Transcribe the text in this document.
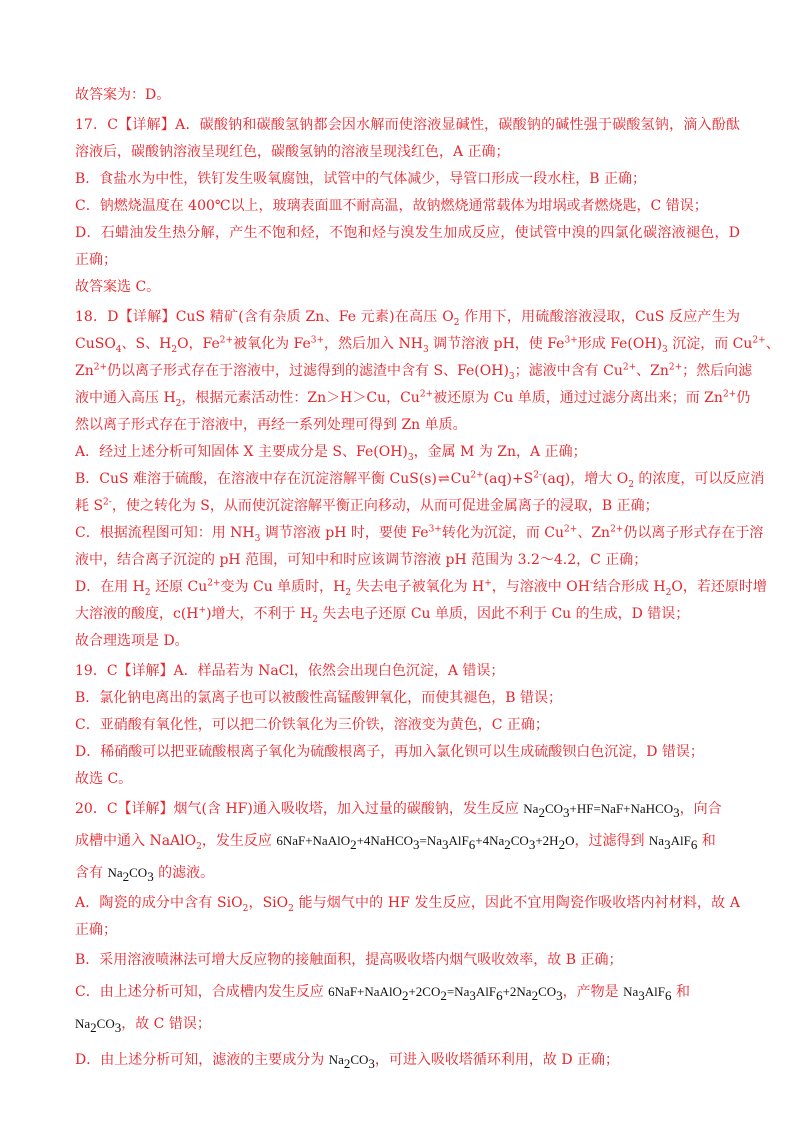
故答案为：D。
17．C【详解】A．碳酸钠和碳酸氢钠都会因水解而使溶液显碱性，碳酸钠的碱性强于碳酸氢钠，滴入酚酞
溶液后，碳酸钠溶液呈现红色，碳酸氢钠的溶液呈现浅红色，A 正确；
B．食盐水为中性，铁钉发生吸氧腐蚀，试管中的气体减少，导管口形成一段水柱，B 正确；
C．钠燃烧温度在 400℃以上，玻璃表面皿不耐高温，故钠燃烧通常载体为坩埚或者燃烧匙，C 错误；
D．石蜡油发生热分解，产生不饱和烃，不饱和烃与溴发生加成反应，使试管中溴的四氯化碳溶液褪色，D
正确；
故答案选 C。
18．D【详解】CuS 精矿(含有杂质 Zn、Fe 元素)在高压 $O_2$ 作用下，用硫酸溶液浸取，CuS 反应产生为
CuSO$_4$、S、$H_2O$，$Fe^{2+}$被氧化为 $Fe^{3+}$，然后加入 $NH_3$ 调节溶液 pH，使 $Fe^{3+}$形成 $Fe(OH)_3$ 沉淀，而 $Cu^{2+}$、
$Zn^{2+}$仍以离子形式存在于溶液中，过滤得到的滤渣中含有 S、$Fe(OH)_3$；滤液中含有 $Cu^{2+}$、$Zn^{2+}$；然后向滤
液中通入高压 $H_2$，根据元素活动性：Zn＞H＞Cu，$Cu^{2+}$被还原为 Cu 单质，通过过滤分离出来；而 $Zn^{2+}$仍
然以离子形式存在于溶液中，再经一系列处理可得到 Zn 单质。
A．经过上述分析可知固体 X 主要成分是 S、$Fe(OH)_3$，金属 M 为 Zn，A 正确；
B．CuS 难溶于硫酸，在溶液中存在沉淀溶解平衡 $CuS(s)\rightleftharpoons Cu^{2+}(aq)+S^{2-}(aq)$，增大 $O_2$ 的浓度，可以反应消
耗 $S^{2-}$，使之转化为 S，从而使沉淀溶解平衡正向移动，从而可促进金属离子的浸取，B 正确；
C．根据流程图可知：用 $NH_3$ 调节溶液 pH 时，要使 $Fe^{3+}$转化为沉淀，而 $Cu^{2+}$、$Zn^{2+}$仍以离子形式存在于溶
液中，结合离子沉淀的 pH 范围，可知中和时应该调节溶液 pH 范围为 3.2～4.2，C 正确；
D．在用 $H_2$ 还原 $Cu^{2+}$变为 Cu 单质时，$H_2$ 失去电子被氧化为 H+，与溶液中 OH-结合形成 $H_2O$，若还原时增
大溶液的酸度，c(H+)增大，不利于 $H_2$ 失去电子还原 Cu 单质，因此不利于 Cu 的生成，D 错误；
故合理选项是 D。
19．C【详解】A．样品若为 NaCl，依然会出现白色沉淀，A 错误；
B．氯化钠电离出的氯离子也可以被酸性高锰酸钾氧化，而使其褪色，B 错误；
C．亚硝酸有氧化性，可以把二价铁氧化为三价铁，溶液变为黄色，C 正确；
D．稀硝酸可以把亚硫酸根离子氧化为硫酸根离子，再加入氯化钡可以生成硫酸钡白色沉淀，D 错误；
故选 C。
20．C【详解】烟气(含 HF)通入吸收塔，加入过量的碳酸钠，发生反应 $Na_2CO_3+HF=NaF+NaHCO_3$，向合
成槽中通入 NaAlO$_2$，发生反应 $6NaF+NaAlO_2+4NaHCO_3=Na_3AlF_6+4Na_2CO_3+2H_2O$，过滤得到 $Na_3AlF_6$ 和
含有 $Na_2CO_3$ 的滤液。
A．陶瓷的成分中含有 SiO$_2$，SiO$_2$ 能与烟气中的 HF 发生反应，因此不宜用陶瓷作吸收塔内衬材料，故 A
正确；
B．采用溶液喷淋法可增大反应物的接触面积，提高吸收塔内烟气吸收效率，故 B 正确；
C．由上述分析可知，合成槽内发生反应 $6NaF+NaAlO_2+2CO_2=Na_3AlF_6+2Na_2CO_3$，产物是 $Na_3AlF_6$ 和
$Na_2CO_3$，故 C 错误；
D．由上述分析可知，滤液的主要成分为 $Na_2CO_3$，可进入吸收塔循环利用，故 D 正确；
